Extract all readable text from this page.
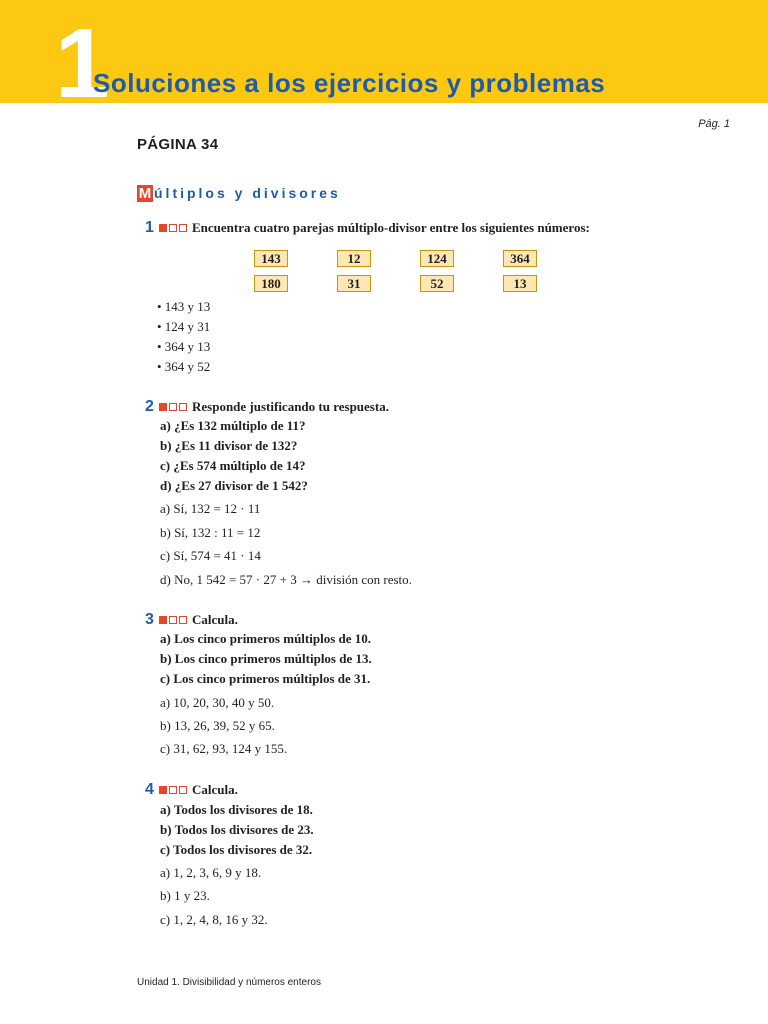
1
Soluciones a los ejercicios y problemas
Pág. 1
PÁGINA 34
M últiplos y divisores
1	Encuentra cuatro parejas múltiplo-divisor entre los siguientes números:
143	12	124	364
180	31	52	13
• 143 y 13
• 124 y 31
• 364 y 13
• 364 y 52
2	Responde justificando tu respuesta.
a) ¿Es 132 múltiplo de 11?
b) ¿Es 11 divisor de 132?
c) ¿Es 574 múltiplo de 14?
d) ¿Es 27 divisor de 1 542?
a) Sí, 132 = 12 · 11
b) Sí, 132 : 11 = 12
c) Sí, 574 = 41 · 14
d) No, 1 542 = 57 · 27 + 3 → división con resto.
3	Calcula.
a) Los cinco primeros múltiplos de 10.
b) Los cinco primeros múltiplos de 13.
c) Los cinco primeros múltiplos de 31.
a) 10, 20, 30, 40 y 50.
b) 13, 26, 39, 52 y 65.
c) 31, 62, 93, 124 y 155.
4	Calcula.
a) Todos los divisores de 18.
b) Todos los divisores de 23.
c) Todos los divisores de 32.
a) 1, 2, 3, 6, 9 y 18.
b) 1 y 23.
c) 1, 2, 4, 8, 16 y 32.
Unidad 1. Divisibilidad y números enteros
